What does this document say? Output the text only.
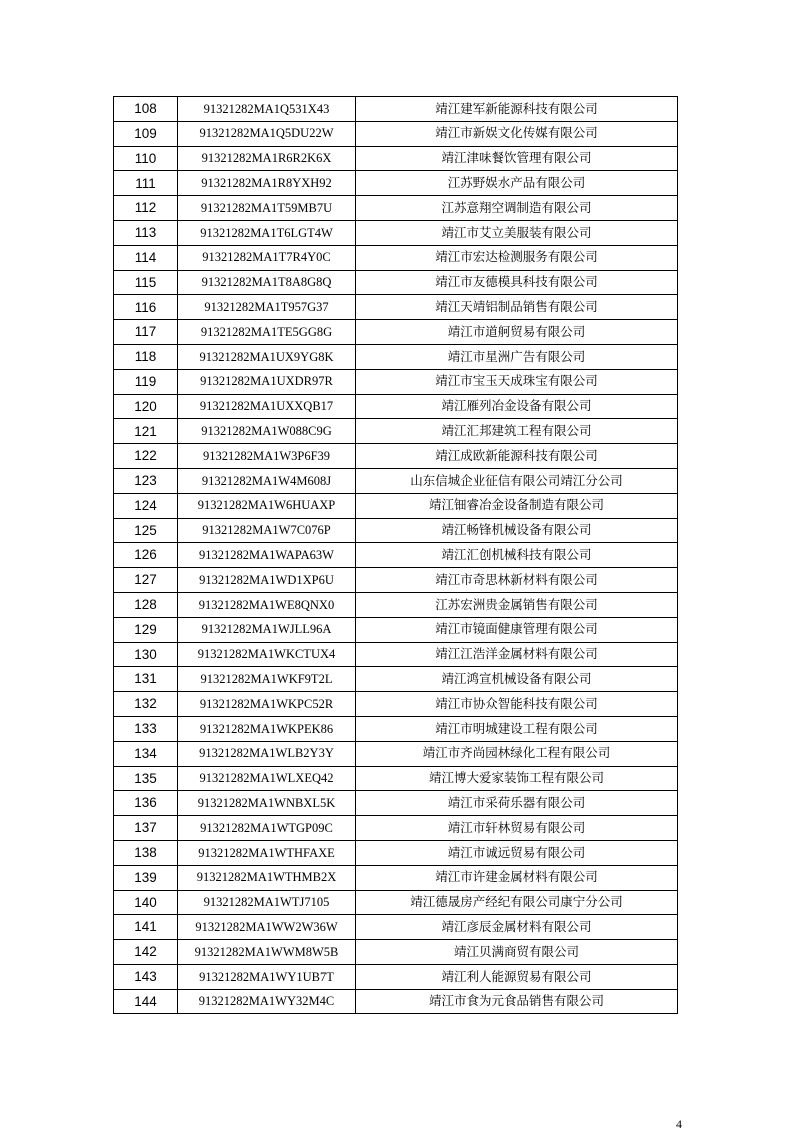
108	91321282MA1Q531X43	靖江建军新能源科技有限公司
109	91321282MA1Q5DU22W	靖江市新娱文化传媒有限公司
110	91321282MA1R6R2K6X	靖江津味餐饮管理有限公司
111	91321282MA1R8YXH92	江苏野娱水产品有限公司
112	91321282MA1T59MB7U	江苏意翔空调制造有限公司
113	91321282MA1T6LGT4W	靖江市艾立美服装有限公司
114	91321282MA1T7R4Y0C	靖江市宏达检测服务有限公司
115	91321282MA1T8A8G8Q	靖江市友德模具科技有限公司
116	91321282MA1T957G37	靖江天靖铝制品销售有限公司
117	91321282MA1TE5GG8G	靖江市道舸贸易有限公司
118	91321282MA1UX9YG8K	靖江市星洲广告有限公司
119	91321282MA1UXDR97R	靖江市宝玉天成珠宝有限公司
120	91321282MA1UXXQB17	靖江雁列冶金设备有限公司
121	91321282MA1W088C9G	靖江汇邦建筑工程有限公司
122	91321282MA1W3P6F39	靖江成欧新能源科技有限公司
123	91321282MA1W4M608J	山东信城企业征信有限公司靖江分公司
124	91321282MA1W6HUAXP	靖江钿睿冶金设备制造有限公司
125	91321282MA1W7C076P	靖江畅锋机械设备有限公司
126	91321282MA1WAPA63W	靖江汇创机械科技有限公司
127	91321282MA1WD1XP6U	靖江市奇思林新材料有限公司
128	91321282MA1WE8QNX0	江苏宏洲贵金属销售有限公司
129	91321282MA1WJLL96A	靖江市镜面健康管理有限公司
130	91321282MA1WKCTUX4	靖江江浩洋金属材料有限公司
131	91321282MA1WKF9T2L	靖江鸿宣机械设备有限公司
132	91321282MA1WKPC52R	靖江市协众智能科技有限公司
133	91321282MA1WKPEK86	靖江市明城建设工程有限公司
134	91321282MA1WLB2Y3Y	靖江市齐尚园林绿化工程有限公司
135	91321282MA1WLXEQ42	靖江博大爱家装饰工程有限公司
136	91321282MA1WNBXL5K	靖江市采荷乐器有限公司
137	91321282MA1WTGP09C	靖江市轩林贸易有限公司
138	91321282MA1WTHFAXE	靖江市诚远贸易有限公司
139	91321282MA1WTHMB2X	靖江市许建金属材料有限公司
140	91321282MA1WTJ7105	靖江德晟房产经纪有限公司康宁分公司
141	91321282MA1WW2W36W	靖江彦辰金属材料有限公司
142	91321282MA1WWM8W5B	靖江贝满商贸有限公司
143	91321282MA1WY1UB7T	靖江利人能源贸易有限公司
144	91321282MA1WY32M4C	靖江市食为元食品销售有限公司
4
